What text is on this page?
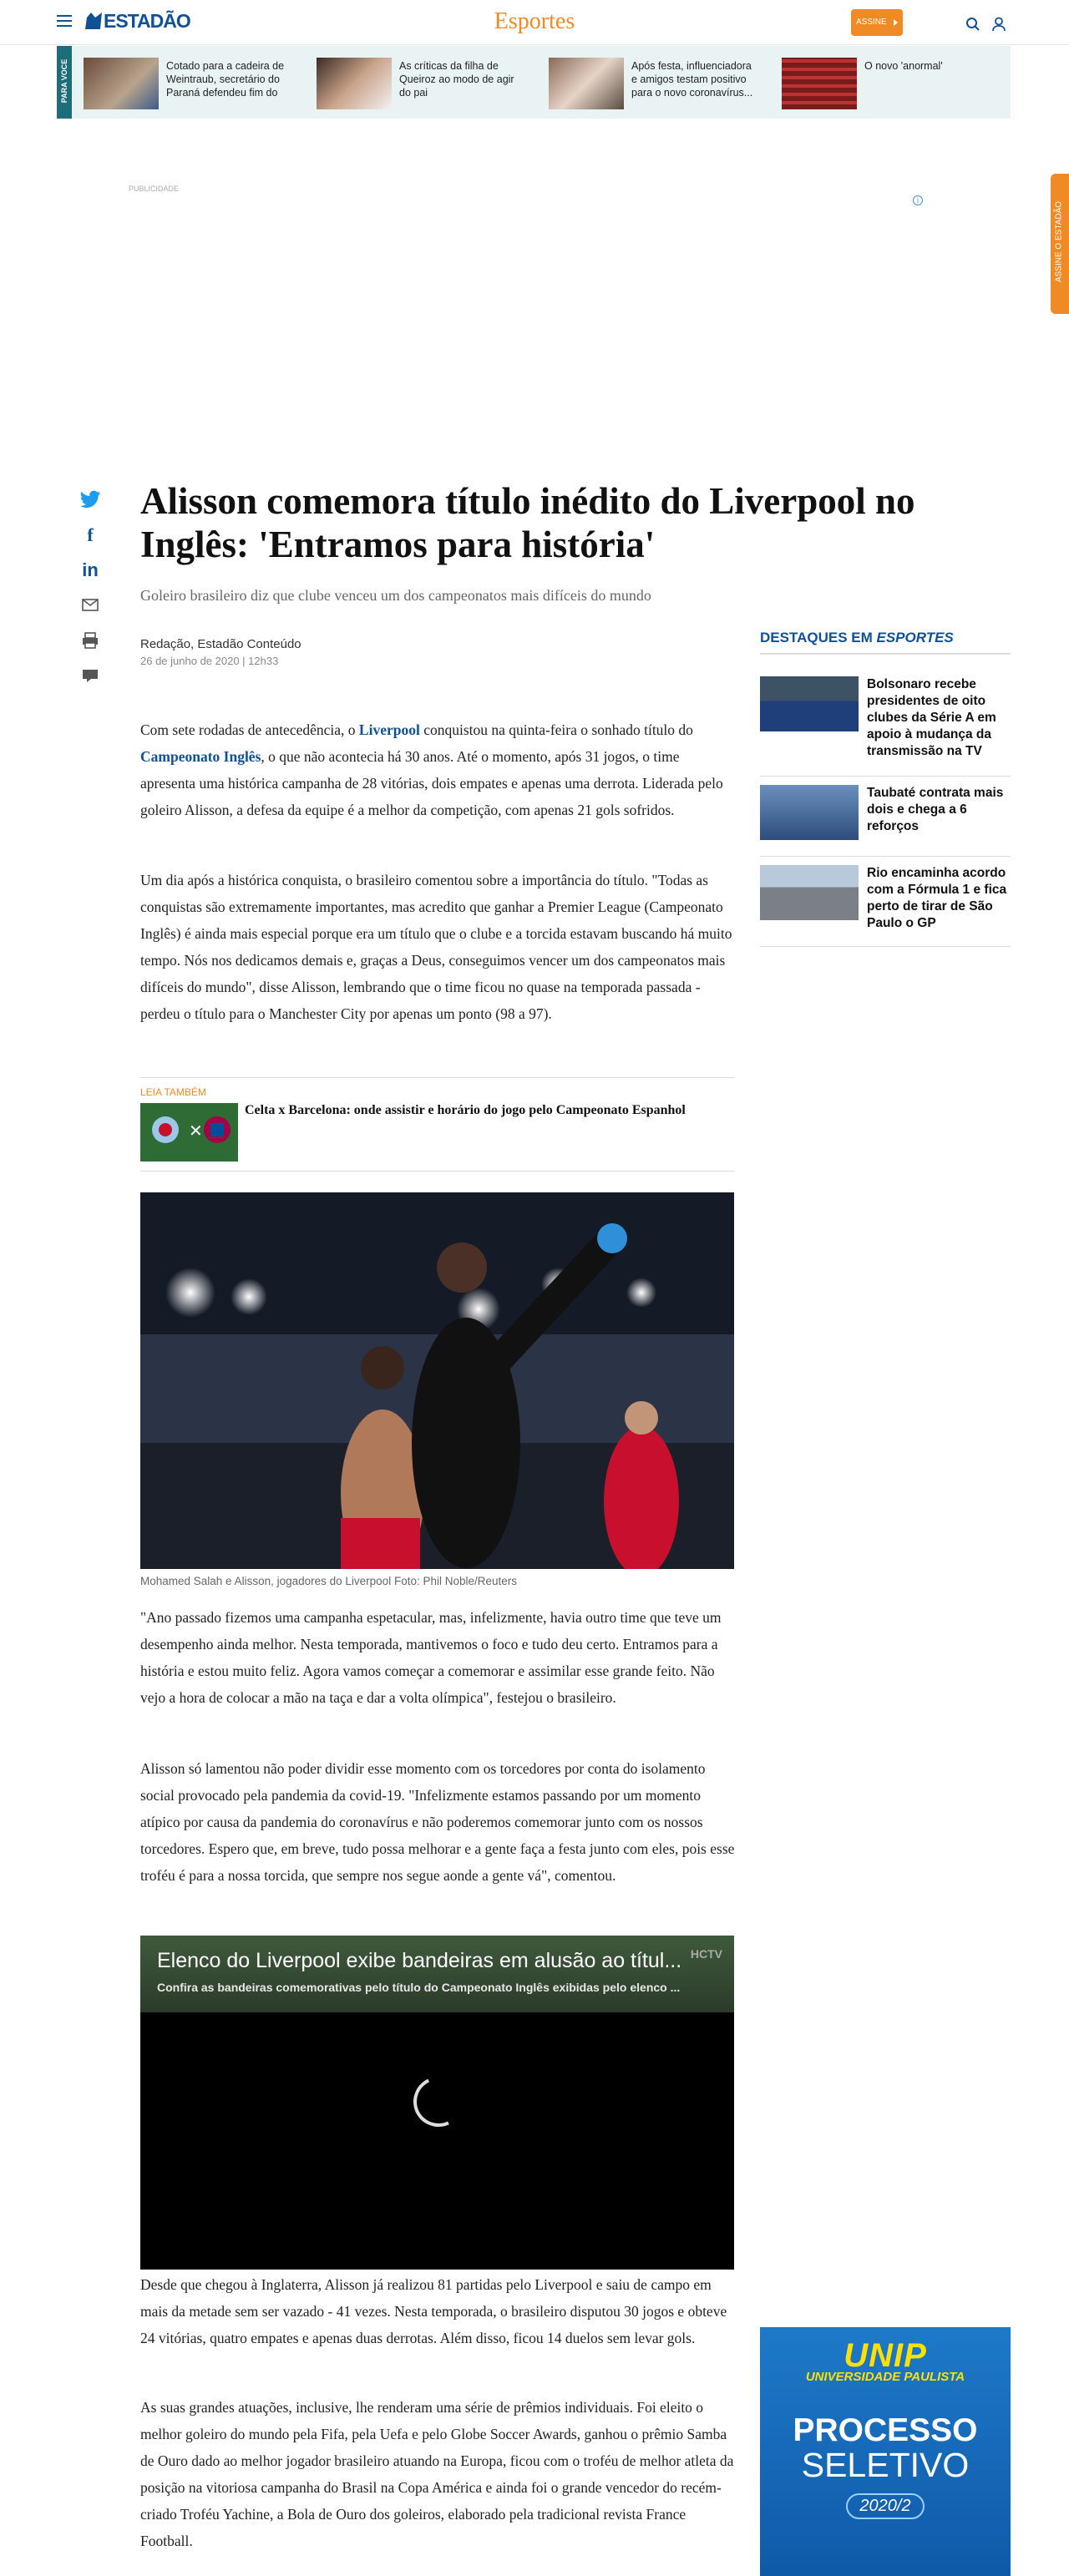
ESTADÃO	Esportes	ASSINE
PARA VOCE	Cotado para a cadeira de Weintraub, secretário do Paraná defendeu fim do
As críticas da filha de Queiroz ao modo de agir do pai
Após festa, influenciadora e amigos testam positivo para o novo coronavírus...
O novo 'anormal'
ASSINE O ESTADÃO
PUBLICIDADE
i
f
in
Alisson comemora título inédito do Liverpool no Inglês: 'Entramos para história'
Goleiro brasileiro diz que clube venceu um dos campeonatos mais difíceis do mundo
Redação, Estadão Conteúdo
26 de junho de 2020 | 12h33

Com sete rodadas de antecedência, o Liverpool conquistou na quinta-feira o sonhado título do Campeonato Inglês, o que não acontecia há 30 anos. Até o momento, após 31 jogos, o time apresenta uma histórica campanha de 28 vitórias, dois empates e apenas uma derrota. Liderada pelo goleiro Alisson, a defesa da equipe é a melhor da competição, com apenas 21 gols sofridos.

Um dia após a histórica conquista, o brasileiro comentou sobre a importância do título. "Todas as conquistas são extremamente importantes, mas acredito que ganhar a Premier League (Campeonato Inglês) é ainda mais especial porque era um título que o clube e a torcida estavam buscando há muito tempo. Nós nos dedicamos demais e, graças a Deus, conseguimos vencer um dos campeonatos mais difíceis do mundo", disse Alisson, lembrando que o time ficou no quase na temporada passada - perdeu o título para o Manchester City por apenas um ponto (98 a 97).

LEIA TAMBÉM
✕
Celta x Barcelona: onde assistir e horário do jogo pelo Campeonato Espanhol
Mohamed Salah e Alisson, jogadores do Liverpool Foto: Phil Noble/Reuters

"Ano passado fizemos uma campanha espetacular, mas, infelizmente, havia outro time que teve um desempenho ainda melhor. Nesta temporada, mantivemos o foco e tudo deu certo. Entramos para a história e estou muito feliz. Agora vamos começar a comemorar e assimilar esse grande feito. Não vejo a hora de colocar a mão na taça e dar a volta olímpica", festejou o brasileiro.

Alisson só lamentou não poder dividir esse momento com os torcedores por conta do isolamento social provocado pela pandemia da covid-19. "Infelizmente estamos passando por um momento atípico por causa da pandemia do coronavírus e não poderemos comemorar junto com os nossos torcedores. Espero que, em breve, tudo possa melhorar e a gente faça a festa junto com eles, pois esse troféu é para a nossa torcida, que sempre nos segue aonde a gente vá", comentou.

Elenco do Liverpool exibe bandeiras em alusão ao títul...
Confira as bandeiras comemorativas pelo título do Campeonato Inglês exibidas pelo elenco ...
HCTV

Desde que chegou à Inglaterra, Alisson já realizou 81 partidas pelo Liverpool e saiu de campo em mais da metade sem ser vazado - 41 vezes. Nesta temporada, o brasileiro disputou 30 jogos e obteve 24 vitórias, quatro empates e apenas duas derrotas. Além disso, ficou 14 duelos sem levar gols.

As suas grandes atuações, inclusive, lhe renderam uma série de prêmios individuais. Foi eleito o melhor goleiro do mundo pela Fifa, pela Uefa e pelo Globe Soccer Awards, ganhou o prêmio Samba de Ouro dado ao melhor jogador brasileiro atuando na Europa, ficou com o troféu de melhor atleta da posição na vitoriosa campanha do Brasil na Copa América e ainda foi o grande vencedor do recém-criado Troféu Yachine, a Bola de Ouro dos goleiros, elaborado pela tradicional revista France Football.

DESTAQUES EM ESPORTES
Bolsonaro recebe presidentes de oito clubes da Série A em apoio à mudança da transmissão na TV
Taubaté contrata mais dois e chega a 6 reforços
Rio encaminha acordo com a Fórmula 1 e fica perto de tirar de São Paulo o GP
UNIP
UNIVERSIDADE PAULISTA
PROCESSO
SELETIVO
2020/2
